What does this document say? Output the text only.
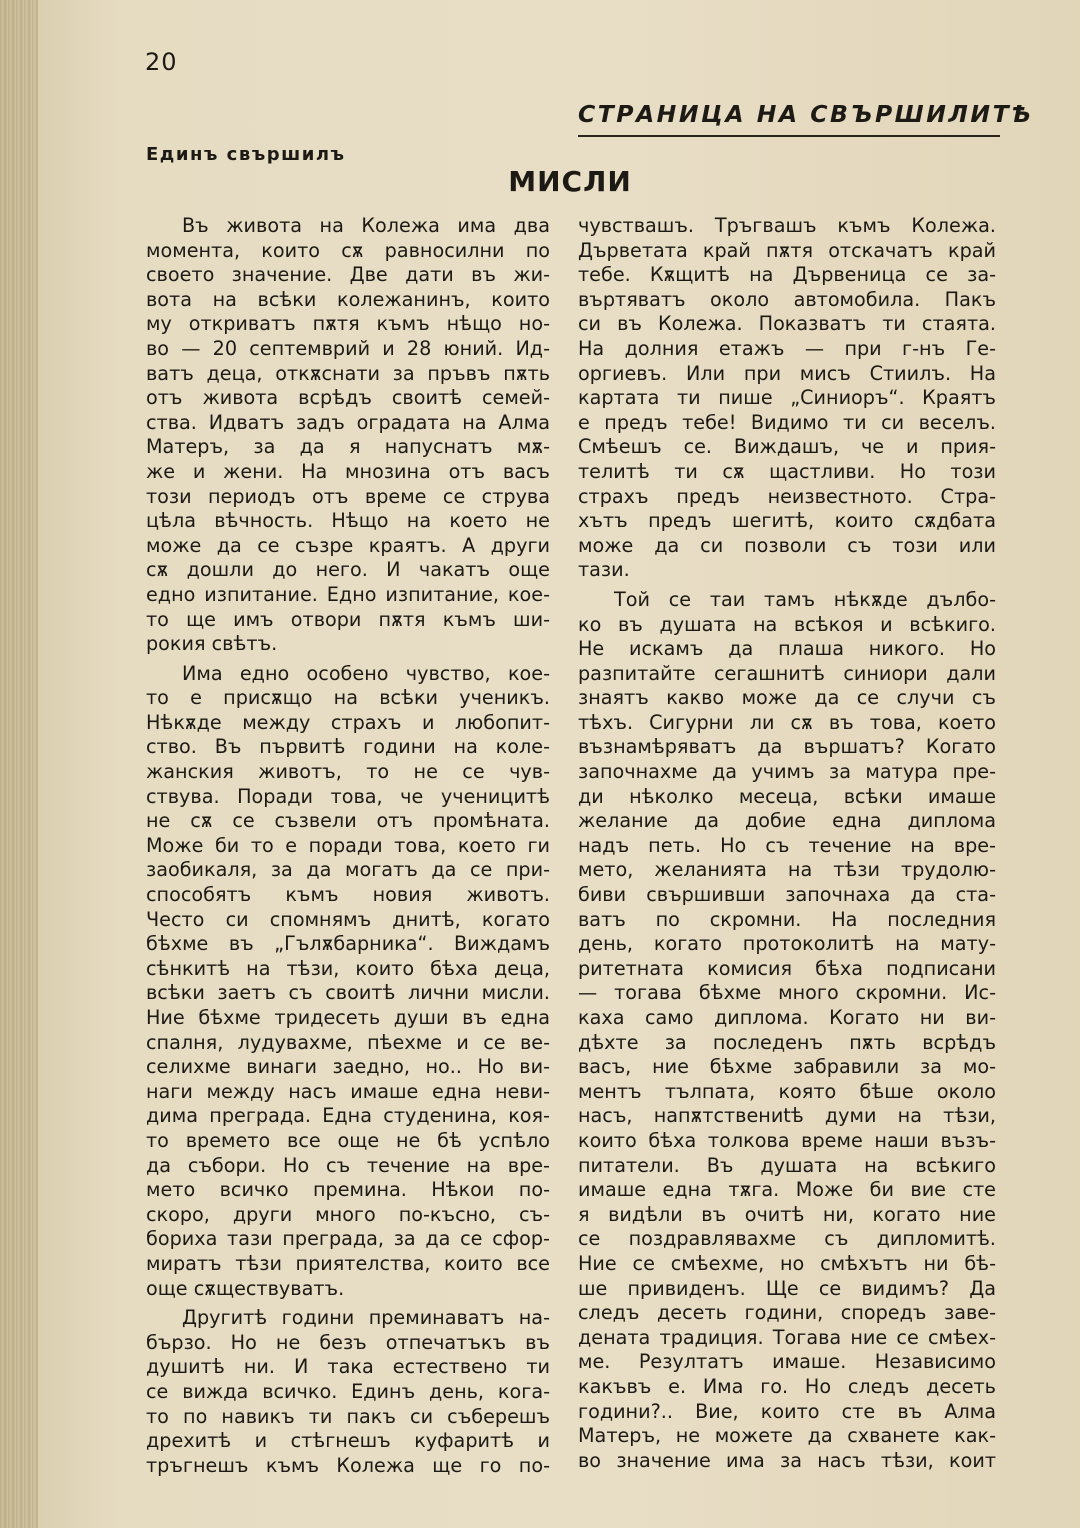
20
СТРАНИЦА НА СВЪРШИЛИТѢ
Единъ свършилъ
МИСЛИ
Въ живота на Колежа има два
момента, които сѫ равносилни по
своето значение. Две дати въ жи-
вота на всѣки колежанинъ, които
му откриватъ пѫтя къмъ нѣщо но-
во — 20 септемврий и 28 юний. Ид-
ватъ деца, откѫснати за пръвъ пѫть
отъ живота всрѣдъ своитѣ семей-
ства. Идватъ задъ оградата на Алма
Матеръ, за да я напуснатъ мѫ-
же и жени. На мнозина отъ васъ
този периодъ отъ време се струва
цѣла вѣчность. Нѣщо на което не
може да се съзре краятъ. А други
сѫ дошли до него. И чакатъ още
едно изпитание. Едно изпитание, кое-
то ще имъ отвори пѫтя къмъ ши-
рокия свѣтъ.
Има едно особено чувство, кое-
то е присѫщо на всѣки ученикъ.
Нѣкѫде между страхъ и любопит-
ство. Въ първитѣ години на коле-
жанския животъ, то не се чув-
ствува. Поради това, че ученицитѣ
не сѫ се съзвели отъ промѣната.
Може би то е поради това, което ги
заобикаля, за да могатъ да се при-
способятъ къмъ новия животъ.
Често си спомнямъ днитѣ, когато
бѣхме въ „Гълѫбарника“. Виждамъ
сѣнкитѣ на тѣзи, които бѣха деца,
всѣки заетъ съ своитѣ лични мисли.
Ние бѣхме тридесеть души въ една
спалня, лудувахме, пѣехме и се ве-
селихме винаги заедно, но.. Но ви-
наги между насъ имаше една неви-
дима преграда. Една студенина, коя-
то времето все още не бѣ успѣло
да събори. Но съ течение на вре-
мето всичко премина. Нѣкои по-
скоро, други много по-късно, съ-
бориха тази преграда, за да се сфор-
миратъ тѣзи приятелства, които все
още сѫществуватъ.
Другитѣ години преминаватъ на-
бързо. Но не безъ отпечатъкъ въ
душитѣ ни. И така естествено ти
се вижда всичко. Единъ день, кога-
то по навикъ ти пакъ си съберешъ
дрехитѣ и стѣгнешъ куфаритѣ и
тръгнешъ къмъ Колежа ще го по-
чувствашъ. Тръгвашъ къмъ Колежа.
Дърветата край пѫтя отскачатъ край
тебе. Кѫщитѣ на Дървеница се за-
въртяватъ около автомобила. Пакъ
си въ Колежа. Показватъ ти стаята.
На долния етажъ — при г-нъ Ге-
оргиевъ. Или при мисъ Стиилъ. На
картата ти пише „Синиоръ“. Краятъ
е предъ тебе! Видимо ти си веселъ.
Смѣешъ се. Виждашъ, че и прия-
телитѣ ти сѫ щастливи. Но този
страхъ предъ неизвестното. Стра-
хътъ предъ шегитѣ, които сѫдбата
може да си позволи съ този или
тази.
Той се таи тамъ нѣкѫде дълбо-
ко въ душата на всѣкоя и всѣкиго.
Не искамъ да плаша никого. Но
разпитайте сегашнитѣ синиори дали
знаятъ какво може да се случи съ
тѣхъ. Сигурни ли сѫ въ това, което
възнамѣряватъ да вършатъ? Когато
започнахме да учимъ за матура пре-
ди нѣколко месеца, всѣки имаше
желание да добие една диплома
надъ петь. Но съ течение на вре-
мето, желанията на тѣзи трудолю-
биви свършивши започнаха да ста-
ватъ по скромни. На последния
день, когато протоколитѣ на мату-
ритетната комисия бѣха подписани
— тогава бѣхме много скромни. Ис-
каха само диплома. Когато ни ви-
дѣхте за последенъ пѫть всрѣдъ
васъ, ние бѣхме забравили за мо-
ментъ тълпата, която бѣше около
насъ, напѫтствениtѣ думи на тѣзи,
които бѣха толкова време наши възъ-
питатели. Въ душата на всѣкиго
имаше една тѫга. Може би вие сте
я видѣли въ очитѣ ни, когато ние
се поздравлявахме съ дипломитѣ.
Ние се смѣехме, но смѣхътъ ни бѣ-
ше привиденъ. Ще се видимъ? Да
следъ десеть години, споредъ заве-
дената традиция. Тогава ние се смѣех-
ме. Резултатъ имаше. Независимо
какъвъ е. Има го. Но следъ десеть
години?.. Вие, които сте въ Алма
Матеръ, не можете да схванете как-
во значение има за насъ тѣзи, коит
